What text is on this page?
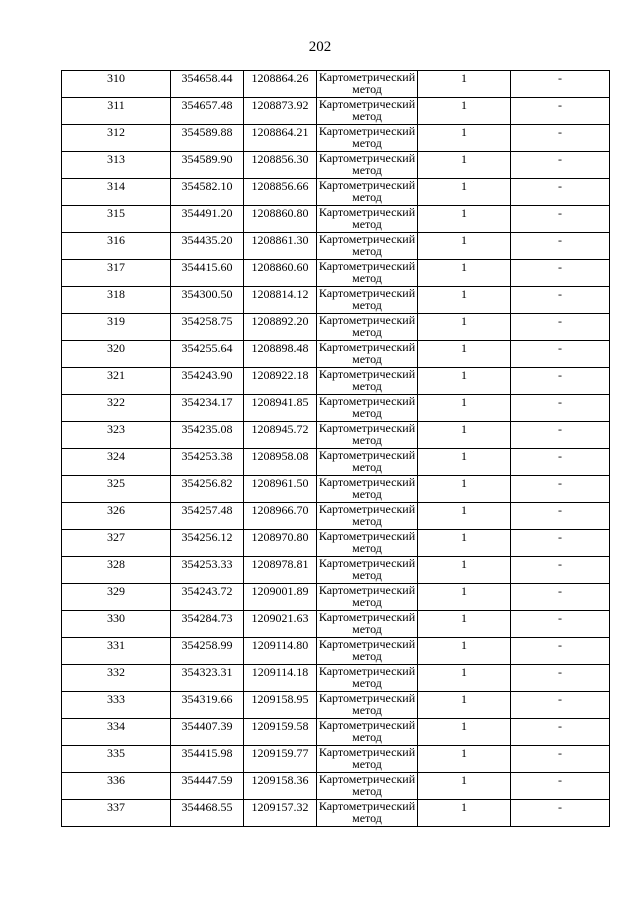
202
310	354658.44	1208864.26	Картометрический метод	1	-
311	354657.48	1208873.92	Картометрический метод	1	-
312	354589.88	1208864.21	Картометрический метод	1	-
313	354589.90	1208856.30	Картометрический метод	1	-
314	354582.10	1208856.66	Картометрический метод	1	-
315	354491.20	1208860.80	Картометрический метод	1	-
316	354435.20	1208861.30	Картометрический метод	1	-
317	354415.60	1208860.60	Картометрический метод	1	-
318	354300.50	1208814.12	Картометрический метод	1	-
319	354258.75	1208892.20	Картометрический метод	1	-
320	354255.64	1208898.48	Картометрический метод	1	-
321	354243.90	1208922.18	Картометрический метод	1	-
322	354234.17	1208941.85	Картометрический метод	1	-
323	354235.08	1208945.72	Картометрический метод	1	-
324	354253.38	1208958.08	Картометрический метод	1	-
325	354256.82	1208961.50	Картометрический метод	1	-
326	354257.48	1208966.70	Картометрический метод	1	-
327	354256.12	1208970.80	Картометрический метод	1	-
328	354253.33	1208978.81	Картометрический метод	1	-
329	354243.72	1209001.89	Картометрический метод	1	-
330	354284.73	1209021.63	Картометрический метод	1	-
331	354258.99	1209114.80	Картометрический метод	1	-
332	354323.31	1209114.18	Картометрический метод	1	-
333	354319.66	1209158.95	Картометрический метод	1	-
334	354407.39	1209159.58	Картометрический метод	1	-
335	354415.98	1209159.77	Картометрический метод	1	-
336	354447.59	1209158.36	Картометрический метод	1	-
337	354468.55	1209157.32	Картометрический метод	1	-
